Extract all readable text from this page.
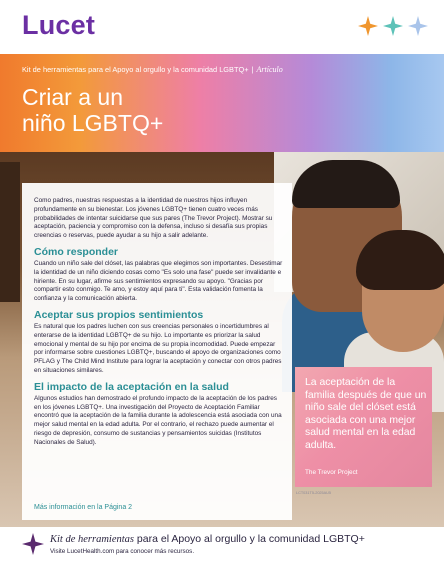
Lucet
Kit de herramientas para el Apoyo al orgullo y la comunidad LGBTQ+ | Artículo
Criar a un
niño LGBTQ+

Como padres, nuestras respuestas a la identidad de nuestros hijos influyen profundamente en su bienestar. Los jóvenes LGBTQ+ tienen cuatro veces más probabilidades de intentar suicidarse que sus pares (The Trevor Project). Mostrar su aceptación, paciencia y compromiso con la defensa, incluso si desafía sus propias creencias o reservas, puede ayudar a su hijo a salir adelante.

Cómo responder

Cuando un niño sale del clóset, las palabras que elegimos son importantes. Desestimar la identidad de un niño diciendo cosas como "Es solo una fase" puede ser invalidante e hiriente. En su lugar, afirme sus sentimientos expresando su apoyo. "Gracias por compartir esto conmigo. Te amo, y estoy aquí para ti". Esta validación fomenta la confianza y la comunicación abierta.

Aceptar sus propios sentimientos

Es natural que los padres luchen con sus creencias personales o incertidumbres al enterarse de la identidad LGBTQ+ de su hijo. Lo importante es priorizar la salud emocional y mental de su hijo por encima de su propia incomodidad. Puede empezar por informarse sobre cuestiones LGBTQ+, buscando el apoyo de organizaciones como PFLAG y The Child Mind Institute para lograr la aceptación y conectar con otros padres en situaciones similares.

El impacto de la aceptación en la salud

Algunos estudios han demostrado el profundo impacto de la aceptación de los padres en los jóvenes LGBTQ+. Una investigación del Proyecto de Aceptación Familiar encontró que la aceptación de la familia durante la adolescencia está asociada con una mejor salud mental en la edad adulta. Por el contrario, el rechazo puede aumentar el riesgo de depresión, consumo de sustancias y pensamientos suicidas (Institutos Nacionales de Salud).

Más información en la Página 2

La aceptación de la familia después de que un niño sale del clóset está asociada con una mejor salud mental en la edad adulta.

The Trevor Project

LCT031T5-2025AU5
Kit de herramientas para el Apoyo al orgullo y la comunidad LGBTQ+
Visite LucetHealth.com para conocer más recursos.
